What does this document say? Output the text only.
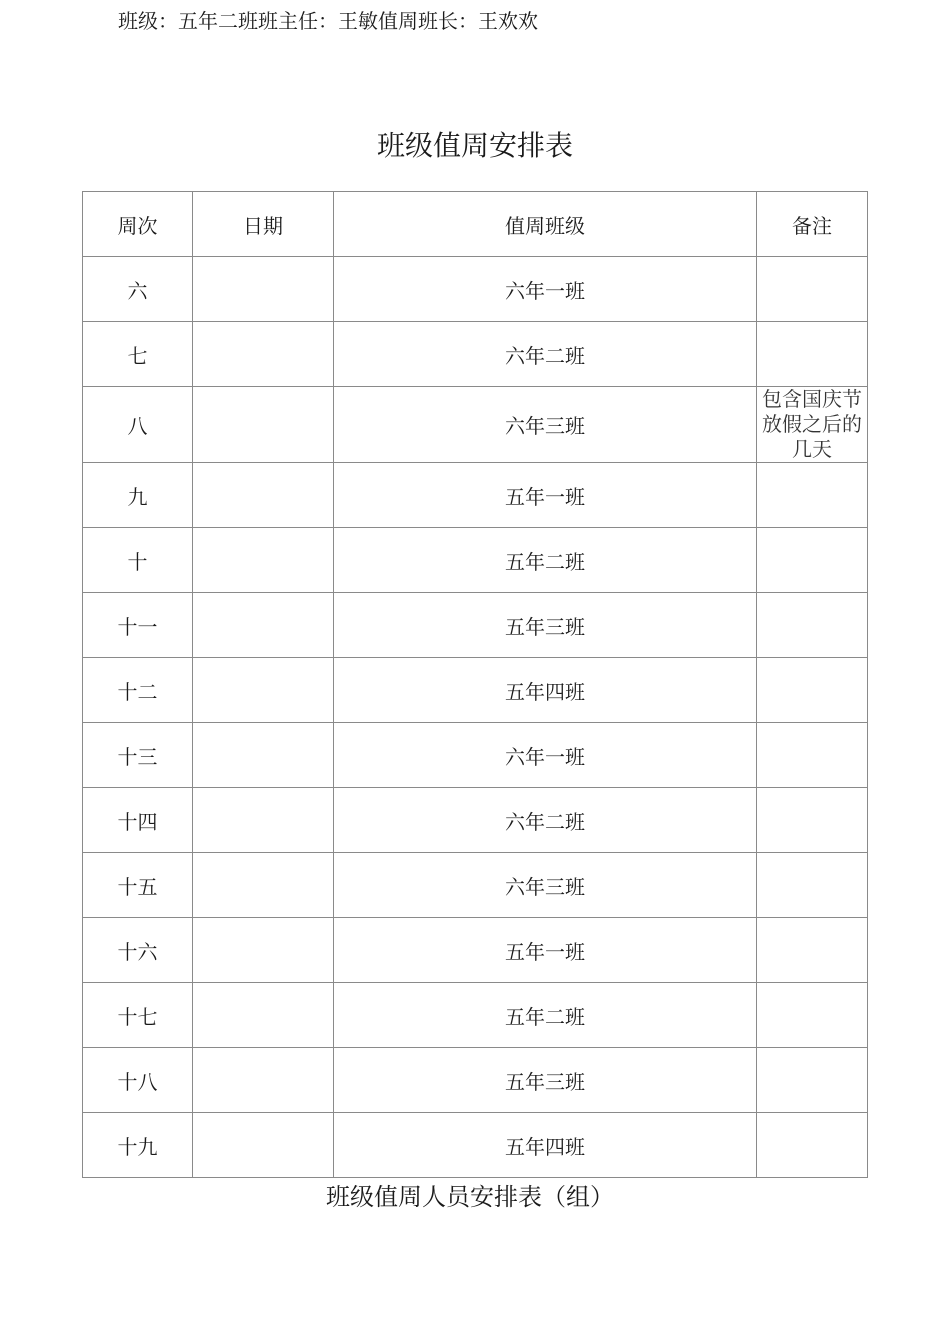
班级：五年二班班主任：王敏值周班长：王欢欢
班级值周安排表
周次	日期	值周班级	备注
六		六年一班	
七		六年二班	
八		六年三班	包含国庆节放假之后的几天
九		五年一班	
十		五年二班	
十一		五年三班	
十二		五年四班	
十三		六年一班	
十四		六年二班	
十五		六年三班	
十六		五年一班	
十七		五年二班	
十八		五年三班	
十九		五年四班	
班级值周人员安排表（组）
